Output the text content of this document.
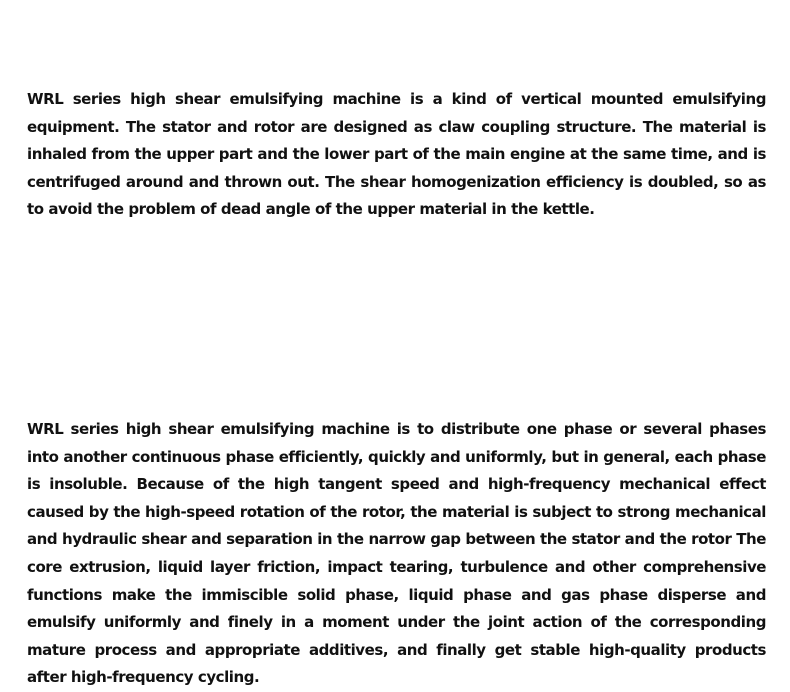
WRL series high shear emulsifying machine is a kind of vertical mounted emulsifying equipment. The stator and rotor are designed as claw coupling structure. The material is inhaled from the upper part and the lower part of the main engine at the same time, and is centrifuged around and thrown out. The shear homogenization efficiency is doubled, so as to avoid the problem of dead angle of the upper material in the kettle.

WRL series high shear emulsifying machine is to distribute one phase or several phases into another continuous phase efficiently, quickly and uniformly, but in general, each phase is insoluble. Because of the high tangent speed and high-frequency mechanical effect caused by the high-speed rotation of the rotor, the material is subject to strong mechanical and hydraulic shear and separation in the narrow gap between the stator and the rotor The core extrusion, liquid layer friction, impact tearing, turbulence and other comprehensive functions make the immiscible solid phase, liquid phase and gas phase disperse and emulsify uniformly and finely in a moment under the joint action of the corresponding mature process and appropriate additives, and finally get stable high-quality products after high-frequency cycling.
